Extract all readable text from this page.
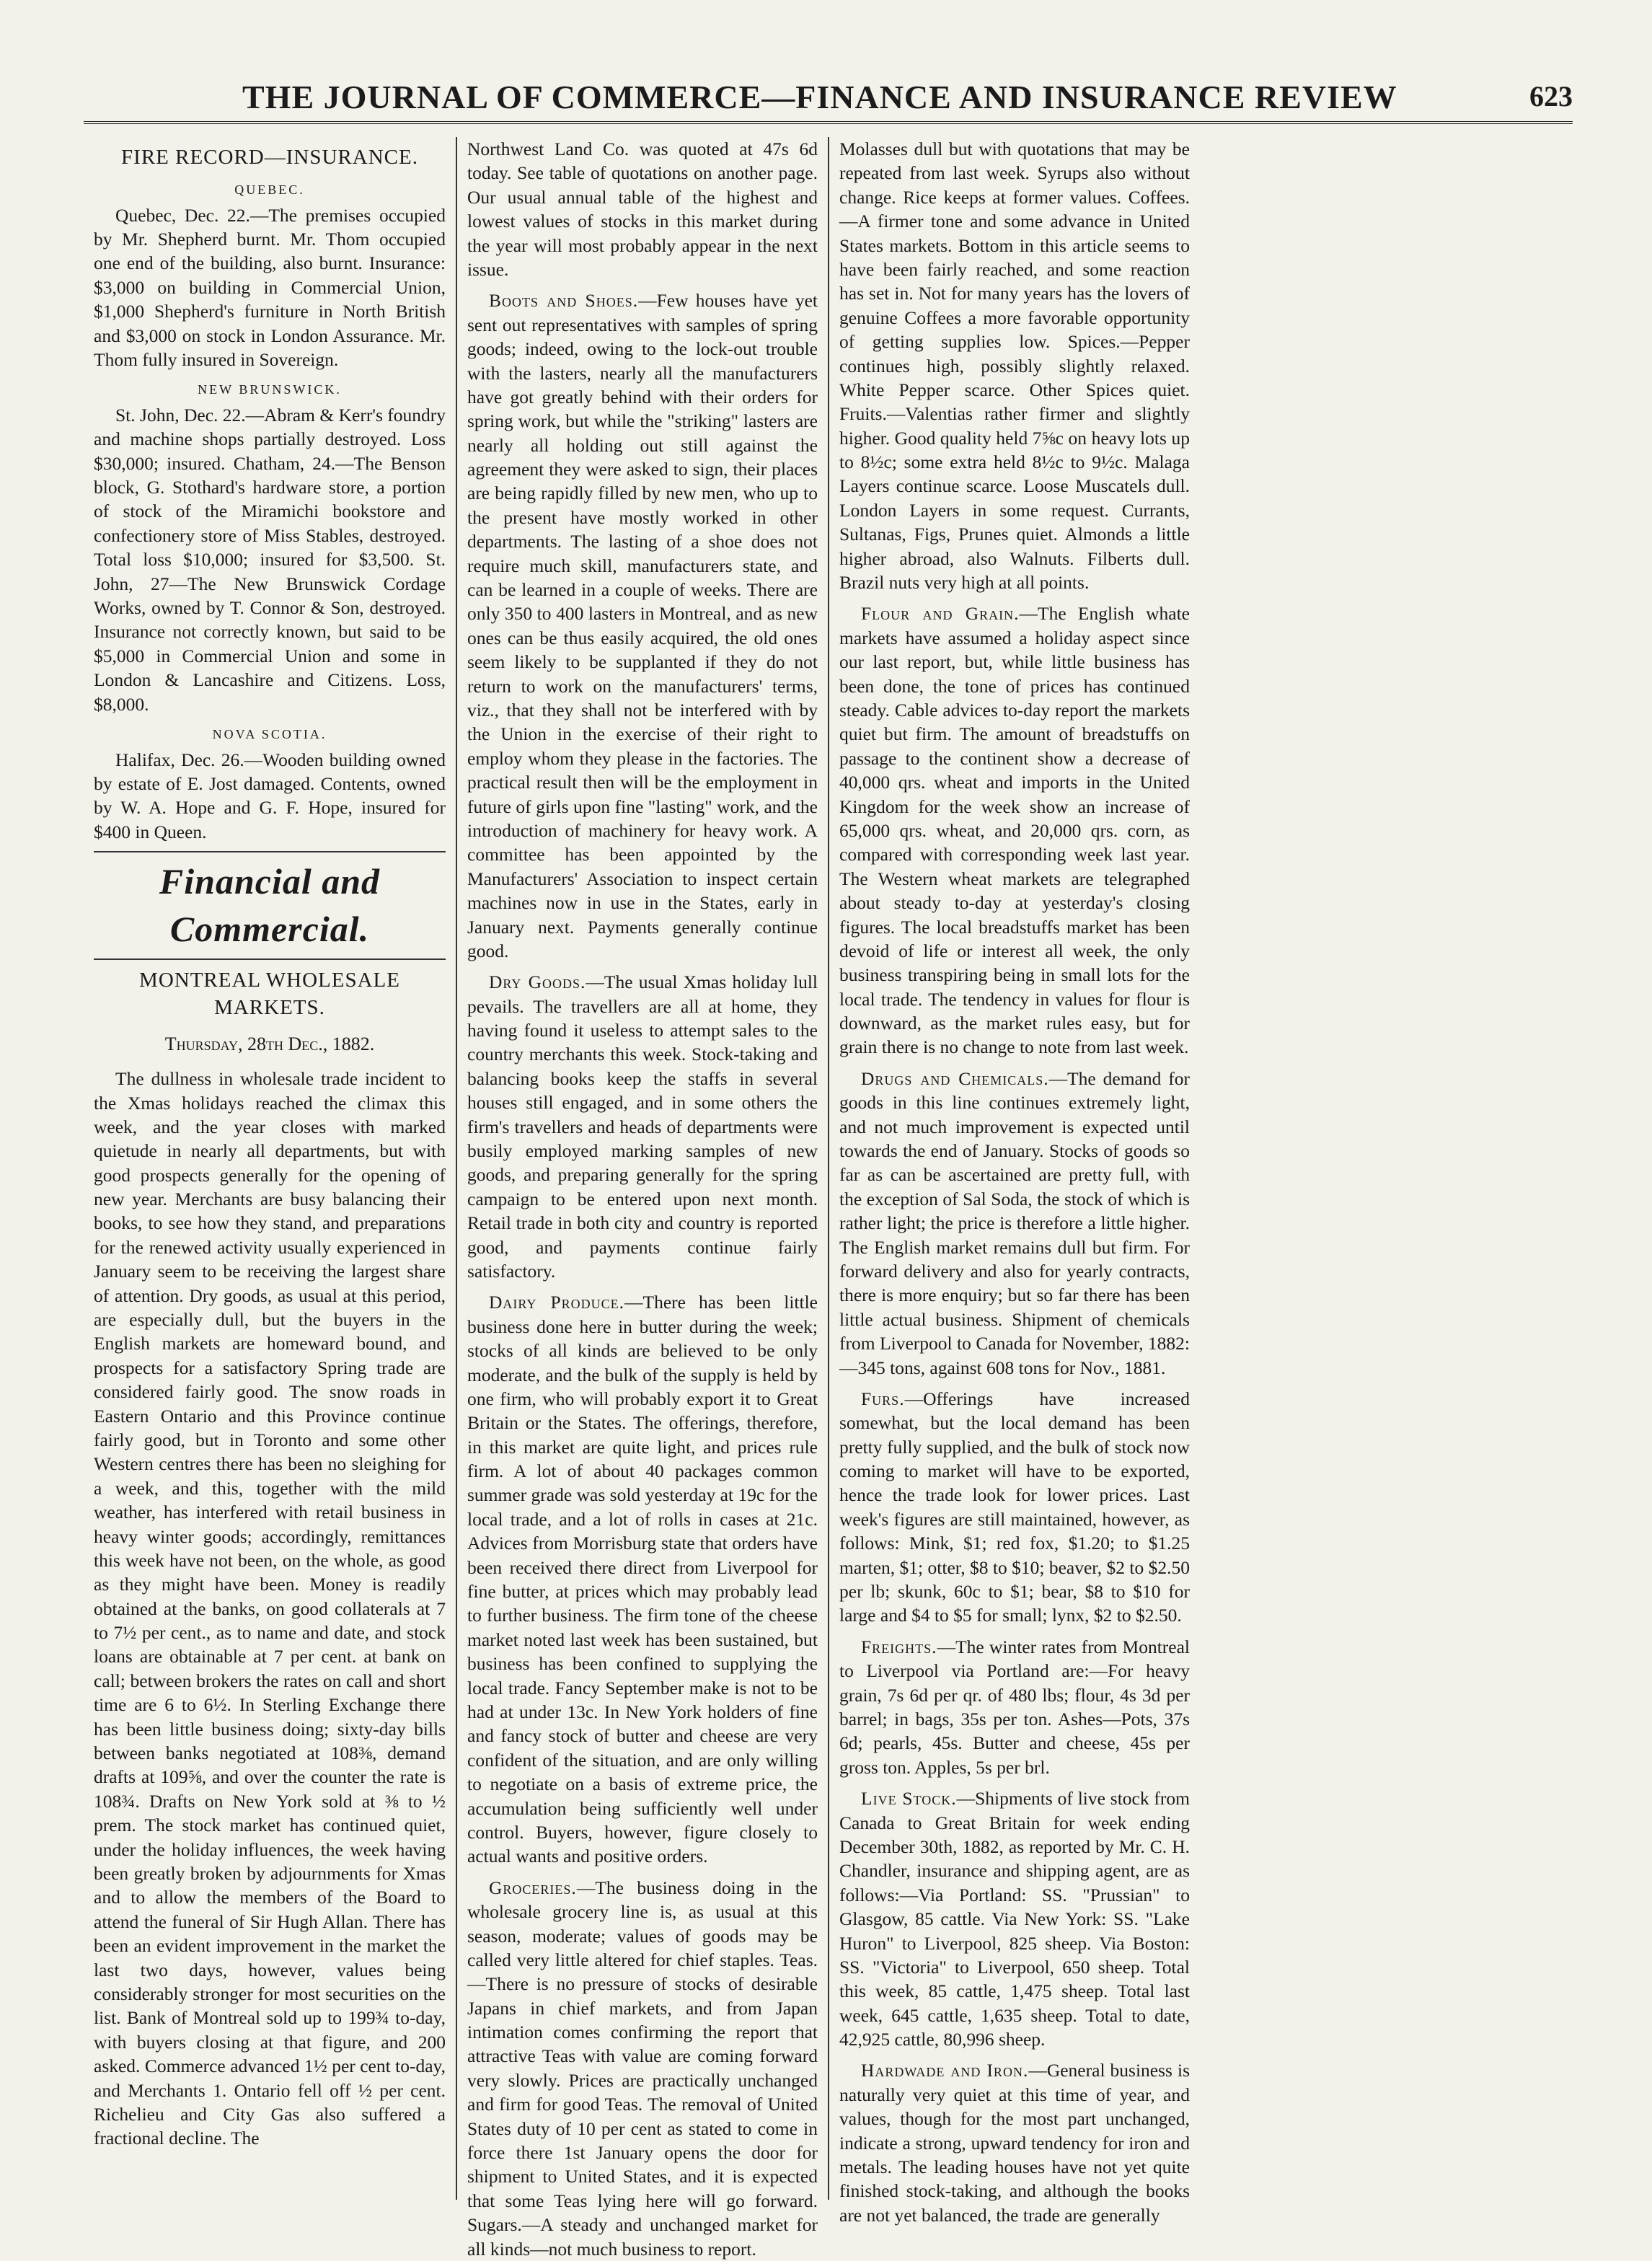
THE JOURNAL OF COMMERCE—FINANCE AND INSURANCE REVIEW	623
FIRE RECORD—INSURANCE.
QUEBEC.

Quebec, Dec. 22.—The premises occupied by Mr. Shepherd burnt. Mr. Thom occupied one end of the building, also burnt. Insurance: $3,000 on building in Commercial Union, $1,000 Shepherd's furniture in North British and $3,000 on stock in London Assurance. Mr. Thom fully insured in Sovereign.

NEW BRUNSWICK.

St. John, Dec. 22.—Abram & Kerr's foundry and machine shops partially destroyed. Loss $30,000; insured. Chatham, 24.—The Benson block, G. Stothard's hardware store, a portion of stock of the Miramichi bookstore and confectionery store of Miss Stables, destroyed. Total loss $10,000; insured for $3,500. St. John, 27—The New Brunswick Cordage Works, owned by T. Connor & Son, destroyed. Insurance not correctly known, but said to be $5,000 in Commercial Union and some in London & Lancashire and Citizens. Loss, $8,000.

NOVA SCOTIA.

Halifax, Dec. 26.—Wooden building owned by estate of E. Jost damaged. Contents, owned by W. A. Hope and G. F. Hope, insured for $400 in Queen.

Financial and Commercial.
MONTREAL WHOLESALE MARKETS.
Thursday, 28th Dec., 1882.

The dullness in wholesale trade incident to the Xmas holidays reached the climax this week, and the year closes with marked quietude in nearly all departments, but with good prospects generally for the opening of new year. Merchants are busy balancing their books, to see how they stand, and preparations for the renewed activity usually experienced in January seem to be receiving the largest share of attention. Dry goods, as usual at this period, are especially dull, but the buyers in the English markets are homeward bound, and prospects for a satisfactory Spring trade are considered fairly good. The snow roads in Eastern Ontario and this Province continue fairly good, but in Toronto and some other Western centres there has been no sleighing for a week, and this, together with the mild weather, has interfered with retail business in heavy winter goods; accordingly, remittances this week have not been, on the whole, as good as they might have been. Money is readily obtained at the banks, on good collaterals at 7 to 7½ per cent., as to name and date, and stock loans are obtainable at 7 per cent. at bank on call; between brokers the rates on call and short time are 6 to 6½. In Sterling Exchange there has been little business doing; sixty-day bills between banks negotiated at 108⅜, demand drafts at 109⅝, and over the counter the rate is 108¾. Drafts on New York sold at ⅜ to ½ prem. The stock market has continued quiet, under the holiday influences, the week having been greatly broken by adjournments for Xmas and to allow the members of the Board to attend the funeral of Sir Hugh Allan. There has been an evident improvement in the market the last two days, however, values being considerably stronger for most securities on the list. Bank of Montreal sold up to 199¾ to-day, with buyers closing at that figure, and 200 asked. Commerce advanced 1½ per cent to-day, and Merchants 1. Ontario fell off ½ per cent. Richelieu and City Gas also suffered a fractional decline. The

Northwest Land Co. was quoted at 47s 6d today. See table of quotations on another page. Our usual annual table of the highest and lowest values of stocks in this market during the year will most probably appear in the next issue.

Boots and Shoes.—Few houses have yet sent out representatives with samples of spring goods; indeed, owing to the lock-out trouble with the lasters, nearly all the manufacturers have got greatly behind with their orders for spring work, but while the "striking" lasters are nearly all holding out still against the agreement they were asked to sign, their places are being rapidly filled by new men, who up to the present have mostly worked in other departments. The lasting of a shoe does not require much skill, manufacturers state, and can be learned in a couple of weeks. There are only 350 to 400 lasters in Montreal, and as new ones can be thus easily acquired, the old ones seem likely to be supplanted if they do not return to work on the manufacturers' terms, viz., that they shall not be interfered with by the Union in the exercise of their right to employ whom they please in the factories. The practical result then will be the employment in future of girls upon fine "lasting" work, and the introduction of machinery for heavy work. A committee has been appointed by the Manufacturers' Association to inspect certain machines now in use in the States, early in January next. Payments generally continue good.

Dry Goods.—The usual Xmas holiday lull pevails. The travellers are all at home, they having found it useless to attempt sales to the country merchants this week. Stock-taking and balancing books keep the staffs in several houses still engaged, and in some others the firm's travellers and heads of departments were busily employed marking samples of new goods, and preparing generally for the spring campaign to be entered upon next month. Retail trade in both city and country is reported good, and payments continue fairly satisfactory.

Dairy Produce.—There has been little business done here in butter during the week; stocks of all kinds are believed to be only moderate, and the bulk of the supply is held by one firm, who will probably export it to Great Britain or the States. The offerings, therefore, in this market are quite light, and prices rule firm. A lot of about 40 packages common summer grade was sold yesterday at 19c for the local trade, and a lot of rolls in cases at 21c. Advices from Morrisburg state that orders have been received there direct from Liverpool for fine butter, at prices which may probably lead to further business. The firm tone of the cheese market noted last week has been sustained, but business has been confined to supplying the local trade. Fancy September make is not to be had at under 13c. In New York holders of fine and fancy stock of butter and cheese are very confident of the situation, and are only willing to negotiate on a basis of extreme price, the accumulation being sufficiently well under control. Buyers, however, figure closely to actual wants and positive orders.

Groceries.—The business doing in the wholesale grocery line is, as usual at this season, moderate; values of goods may be called very little altered for chief staples. Teas.—There is no pressure of stocks of desirable Japans in chief markets, and from Japan intimation comes confirming the report that attractive Teas with value are coming forward very slowly. Prices are practically unchanged and firm for good Teas. The removal of United States duty of 10 per cent as stated to come in force there 1st January opens the door for shipment to United States, and it is expected that some Teas lying here will go forward. Sugars.—A steady and unchanged market for all kinds—not much business to report.

Molasses dull but with quotations that may be repeated from last week. Syrups also without change. Rice keeps at former values. Coffees.—A firmer tone and some advance in United States markets. Bottom in this article seems to have been fairly reached, and some reaction has set in. Not for many years has the lovers of genuine Coffees a more favorable opportunity of getting supplies low. Spices.—Pepper continues high, possibly slightly relaxed. White Pepper scarce. Other Spices quiet. Fruits.—Valentias rather firmer and slightly higher. Good quality held 7⅝c on heavy lots up to 8½c; some extra held 8½c to 9½c. Malaga Layers continue scarce. Loose Muscatels dull. London Layers in some request. Currants, Sultanas, Figs, Prunes quiet. Almonds a little higher abroad, also Walnuts. Filberts dull. Brazil nuts very high at all points.

Flour and Grain.—The English whate markets have assumed a holiday aspect since our last report, but, while little business has been done, the tone of prices has continued steady. Cable advices to-day report the markets quiet but firm. The amount of breadstuffs on passage to the continent show a decrease of 40,000 qrs. wheat and imports in the United Kingdom for the week show an increase of 65,000 qrs. wheat, and 20,000 qrs. corn, as compared with corresponding week last year. The Western wheat markets are telegraphed about steady to-day at yesterday's closing figures. The local breadstuffs market has been devoid of life or interest all week, the only business transpiring being in small lots for the local trade. The tendency in values for flour is downward, as the market rules easy, but for grain there is no change to note from last week.

Drugs and Chemicals.—The demand for goods in this line continues extremely light, and not much improvement is expected until towards the end of January. Stocks of goods so far as can be ascertained are pretty full, with the exception of Sal Soda, the stock of which is rather light; the price is therefore a little higher. The English market remains dull but firm. For forward delivery and also for yearly contracts, there is more enquiry; but so far there has been little actual business. Shipment of chemicals from Liverpool to Canada for November, 1882:—345 tons, against 608 tons for Nov., 1881.

Furs.—Offerings have increased somewhat, but the local demand has been pretty fully supplied, and the bulk of stock now coming to market will have to be exported, hence the trade look for lower prices. Last week's figures are still maintained, however, as follows: Mink, $1; red fox, $1.20; to $1.25 marten, $1; otter, $8 to $10; beaver, $2 to $2.50 per lb; skunk, 60c to $1; bear, $8 to $10 for large and $4 to $5 for small; lynx, $2 to $2.50.

Freights.—The winter rates from Montreal to Liverpool via Portland are:—For heavy grain, 7s 6d per qr. of 480 lbs; flour, 4s 3d per barrel; in bags, 35s per ton. Ashes—Pots, 37s 6d; pearls, 45s. Butter and cheese, 45s per gross ton. Apples, 5s per brl.

Live Stock.—Shipments of live stock from Canada to Great Britain for week ending December 30th, 1882, as reported by Mr. C. H. Chandler, insurance and shipping agent, are as follows:—Via Portland: SS. "Prussian" to Glasgow, 85 cattle. Via New York: SS. "Lake Huron" to Liverpool, 825 sheep. Via Boston: SS. "Victoria" to Liverpool, 650 sheep. Total this week, 85 cattle, 1,475 sheep. Total last week, 645 cattle, 1,635 sheep. Total to date, 42,925 cattle, 80,996 sheep.

Hardwade and Iron.—General business is naturally very quiet at this time of year, and values, though for the most part unchanged, indicate a strong, upward tendency for iron and metals. The leading houses have not yet quite finished stock-taking, and although the books are not yet balanced, the trade are generally
